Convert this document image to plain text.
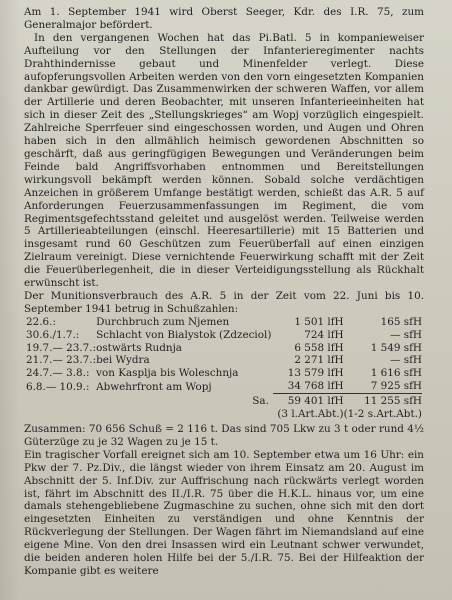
Am 1. September 1941 wird Oberst Seeger, Kdr. des I.R. 75, zum Generalmajor befördert.

In den vergangenen Wochen hat das Pi.Batl. 5 in kompanieweiser Aufteilung vor den Stellungen der Infanterieregimenter nachts Drahthindernisse gebaut und Minenfelder verlegt. Diese aufopferungsvollen Arbeiten werden von den vorn eingesetzten Kompanien dankbar gewürdigt. Das Zusammenwirken der schweren Waffen, vor allem der Artillerie und deren Beobachter, mit unseren Infanterieeinheiten hat sich in dieser Zeit des „Stellungskrieges“ am Wopj vorzüglich eingespielt. Zahlreiche Sperrfeuer sind eingeschossen worden, und Augen und Ohren haben sich in den allmählich heimisch gewordenen Abschnitten so geschärft, daß aus geringfügigen Bewegungen und Veränderungen beim Feinde bald Angriffsvorhaben entnommen und Bereitstellungen wirkungsvoll bekämpft werden können. Sobald solche verdächtigen Anzeichen in größerem Umfange bestätigt werden, schießt das A.R. 5 auf Anforderungen Feuerzusammenfassungen im Regiment, die vom Regimentsgefechtsstand geleitet und ausgelöst werden. Teilweise werden 5 Artillerieabteilungen (einschl. Heeresartillerie) mit 15 Batterien und insgesamt rund 60 Geschützen zum Feuerüberfall auf einen einzigen Zielraum vereinigt. Diese vernichtende Feuerwirkung schafft mit der Zeit die Feuerüberlegenheit, die in dieser Verteidigungsstellung als Rückhalt erwünscht ist.

Der Munitionsverbrauch des A.R. 5 in der Zeit vom 22. Juni bis 10. September 1941 betrug in Schußzahlen:

22.6.:	Durchbruch zum Njemen	1 501 lfH	165 sfH
30.6./1.7.:	Schlacht von Bialystok (Zdzeciol)	724 lfH	— sfH
19.7.— 23.7.:	ostwärts Rudnja	6 558 lfH	1 549 sfH
21.7.— 23.7.:	bei Wydra	2 271 lfH	— sfH
24.7.— 3.8.:	von Kasplja bis Woleschnja	13 579 lfH	1 616 sfH
6.8.— 10.9.:	Abwehrfront am Wopj	34 768 lfH	7 925 sfH
	Sa.	59 401 lfH	11 255 sfH
		(3 l.Art.Abt.)	(1-2 s.Art.Abt.)

Zusammen: 70 656 Schuß = 2 116 t. Das sind 705 Lkw zu 3 t oder rund 4½ Güterzüge zu je 32 Wagen zu je 15 t.

Ein tragischer Vorfall ereignet sich am 10. September etwa um 16 Uhr: ein Pkw der 7. Pz.Div., die längst wieder von ihrem Einsatz am 20. August im Abschnitt der 5. Inf.Div. zur Auffrischung nach rückwärts verlegt worden ist, fährt im Abschnitt des II./I.R. 75 über die H.K.L. hinaus vor, um eine damals stehengebliebene Zugmaschine zu suchen, ohne sich mit den dort eingesetzten Einheiten zu verständigen und ohne Kenntnis der Rückverlegung der Stellungen. Der Wagen fährt im Niemandsland auf eine eigene Mine. Von den drei Insassen wird ein Leutnant schwer verwundet, die beiden anderen holen Hilfe bei der 5./I.R. 75. Bei der Hilfeaktion der Kompanie gibt es weitere
